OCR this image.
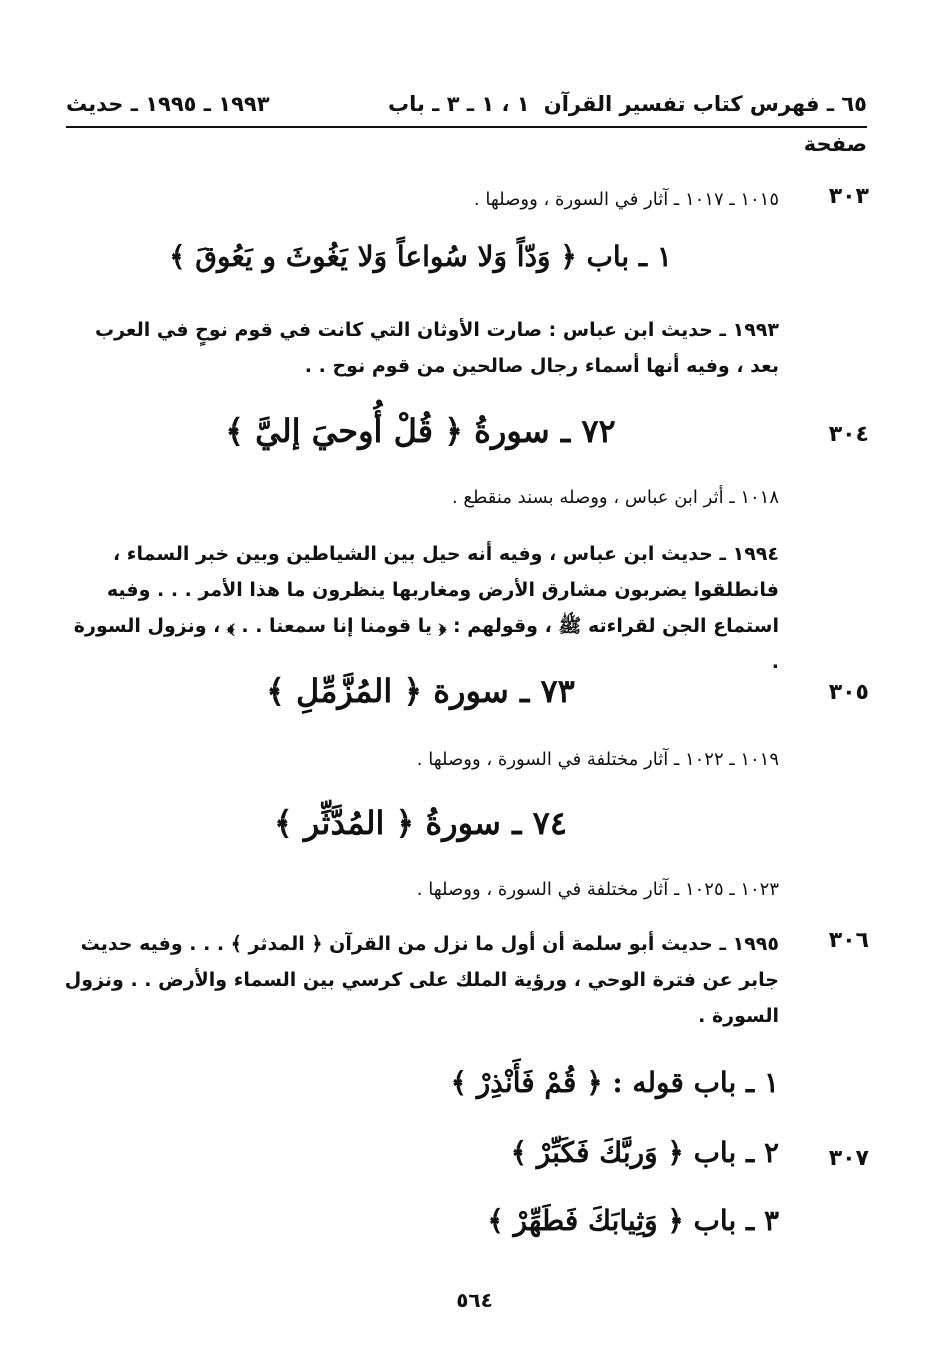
٦٥ ـ فهرس كتاب تفسير القرآن
١ ، ١ ـ ٣ ـ باب
١٩٩٣ ـ ١٩٩٥ ـ حديث
صفحة
٣٠٣
١٠١٥ ـ ١٠١٧ ـ آثار في السورة ، ووصلها .
١ ـ باب ﴿ وَدّاً وَلا سُواعاً وَلا يَغُوثَ و يَعُوقَ ﴾
١٩٩٣ ـ حديث ابن عباس : صارت الأوثان التي كانت في قوم نوحٍ في العرب بعد ، وفيه أنها أسماء رجال صالحين من قوم نوح . .
٣٠٤
٧٢ ـ سورةُ ﴿ قُلْ أُوحيَ إليَّ ﴾
١٠١٨ ـ أثر ابن عباس ، ووصله بسند منقطع .
١٩٩٤ ـ حديث ابن عباس ، وفيه أنه حيل بين الشياطين وبين خبر السماء ، فانطلقوا يضربون مشارق الأرض ومغاربها ينظرون ما هذا الأمر . . . وفيه استماع الجن لقراءته ﷺ ، وقولهم : ﴿ يا قومنا إنا سمعنا . . ﴾ ، ونزول السورة .
٣٠٥
٧٣ ـ سورة ﴿ المُزَّمِّلِ ﴾
١٠١٩ ـ ١٠٢٢ ـ آثار مختلفة في السورة ، ووصلها .
٧٤ ـ سورةُ ﴿ المُدَّثِّر ﴾
١٠٢٣ ـ ١٠٢٥ ـ آثار مختلفة في السورة ، ووصلها .
٣٠٦
١٩٩٥ ـ حديث أبو سلمة أن أول ما نزل من القرآن ﴿ المدثر ﴾ . . . وفيه حديث جابر عن فترة الوحي ، ورؤية الملك على كرسي بين السماء والأرض . . ونزول السورة .
١ ـ باب قوله : ﴿ قُمْ فَأَنْذِرْ ﴾
٣٠٧
٢ ـ باب ﴿ وَربَّكَ فَكَبِّرْ ﴾
٣ ـ باب ﴿ وَثِيابَكَ فَطَهِّرْ ﴾
٥٦٤
